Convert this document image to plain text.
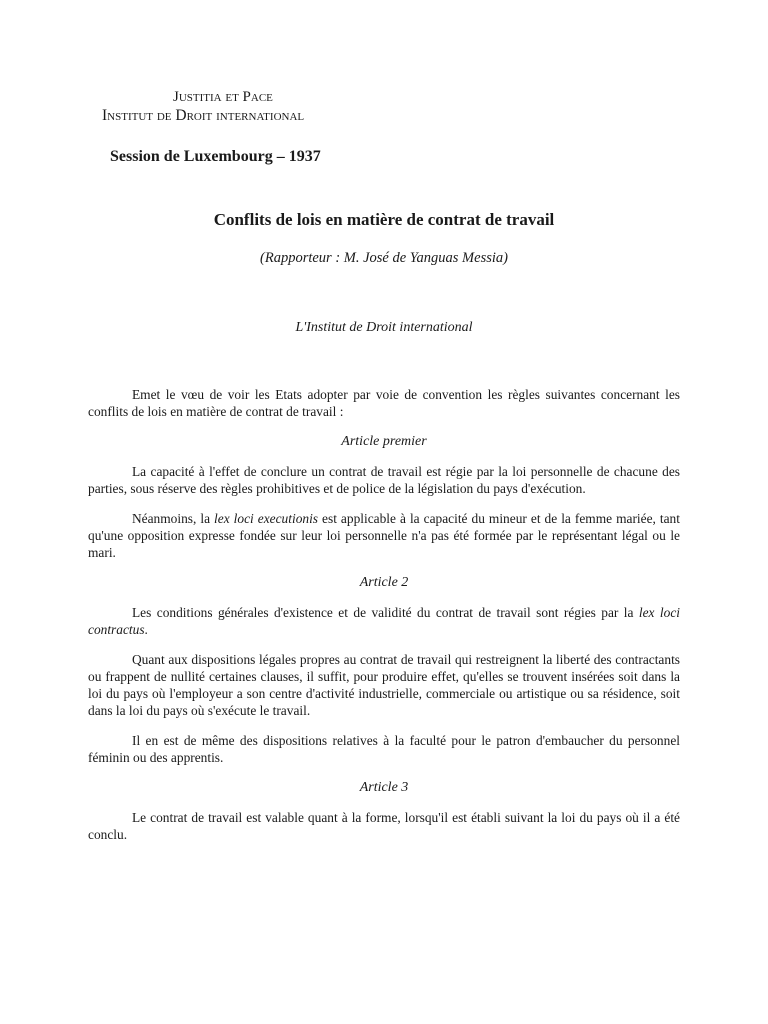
Justitia et Pace
Institut de Droit international
Session de Luxembourg – 1937
Conflits de lois en matière de contrat de travail
(Rapporteur : M. José de Yanguas Messia)
L'Institut de Droit international

Emet le vœu de voir les Etats adopter par voie de convention les règles suivantes concernant les conflits de lois en matière de contrat de travail :

Article premier

La capacité à l'effet de conclure un contrat de travail est régie par la loi personnelle de chacune des parties, sous réserve des règles prohibitives et de police de la législation du pays d'exécution.

Néanmoins, la lex loci executionis est applicable à la capacité du mineur et de la femme mariée, tant qu'une opposition expresse fondée sur leur loi personnelle n'a pas été formée par le représentant légal ou le mari.

Article 2

Les conditions générales d'existence et de validité du contrat de travail sont régies par la lex loci contractus.

Quant aux dispositions légales propres au contrat de travail qui restreignent la liberté des contractants ou frappent de nullité certaines clauses, il suffit, pour produire effet, qu'elles se trouvent insérées soit dans la loi du pays où l'employeur a son centre d'activité industrielle, commerciale ou artistique ou sa résidence, soit dans la loi du pays où s'exécute le travail.

Il en est de même des dispositions relatives à la faculté pour le patron d'embaucher du personnel féminin ou des apprentis.

Article 3

Le contrat de travail est valable quant à la forme, lorsqu'il est établi suivant la loi du pays où il a été conclu.
